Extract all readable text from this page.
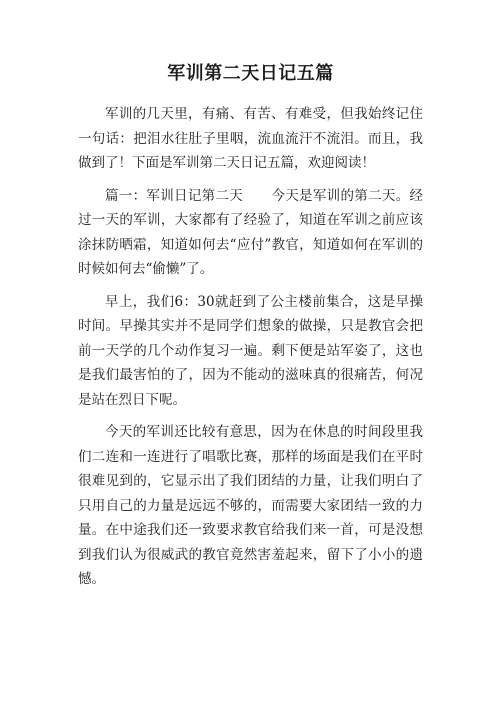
军训第二天日记五篇

军训的几天里，有痛、有苦、有难受，但我始终记住一句话：把泪水往肚子里咽，流血流汗不流泪。而且，我做到了！下面是军训第二天日记五篇，欢迎阅读！

篇一：军训日记第二天 今天是军训的第二天。经过一天的军训，大家都有了经验了，知道在军训之前应该涂抹防晒霜，知道如何去“应付”教官，知道如何在军训的时候如何去“偷懒”了。

早上，我们6：30就赶到了公主楼前集合，这是早操时间。早操其实并不是同学们想象的做操，只是教官会把前一天学的几个动作复习一遍。剩下便是站军姿了，这也是我们最害怕的了，因为不能动的滋味真的很痛苦，何况是站在烈日下呢。

今天的军训还比较有意思，因为在休息的时间段里我们二连和一连进行了唱歌比赛，那样的场面是我们在平时很难见到的，它显示出了我们团结的力量，让我们明白了只用自己的力量是远远不够的，而需要大家团结一致的力量。在中途我们还一致要求教官给我们来一首，可是没想到我们认为很威武的教官竟然害羞起来，留下了小小的遗憾。
